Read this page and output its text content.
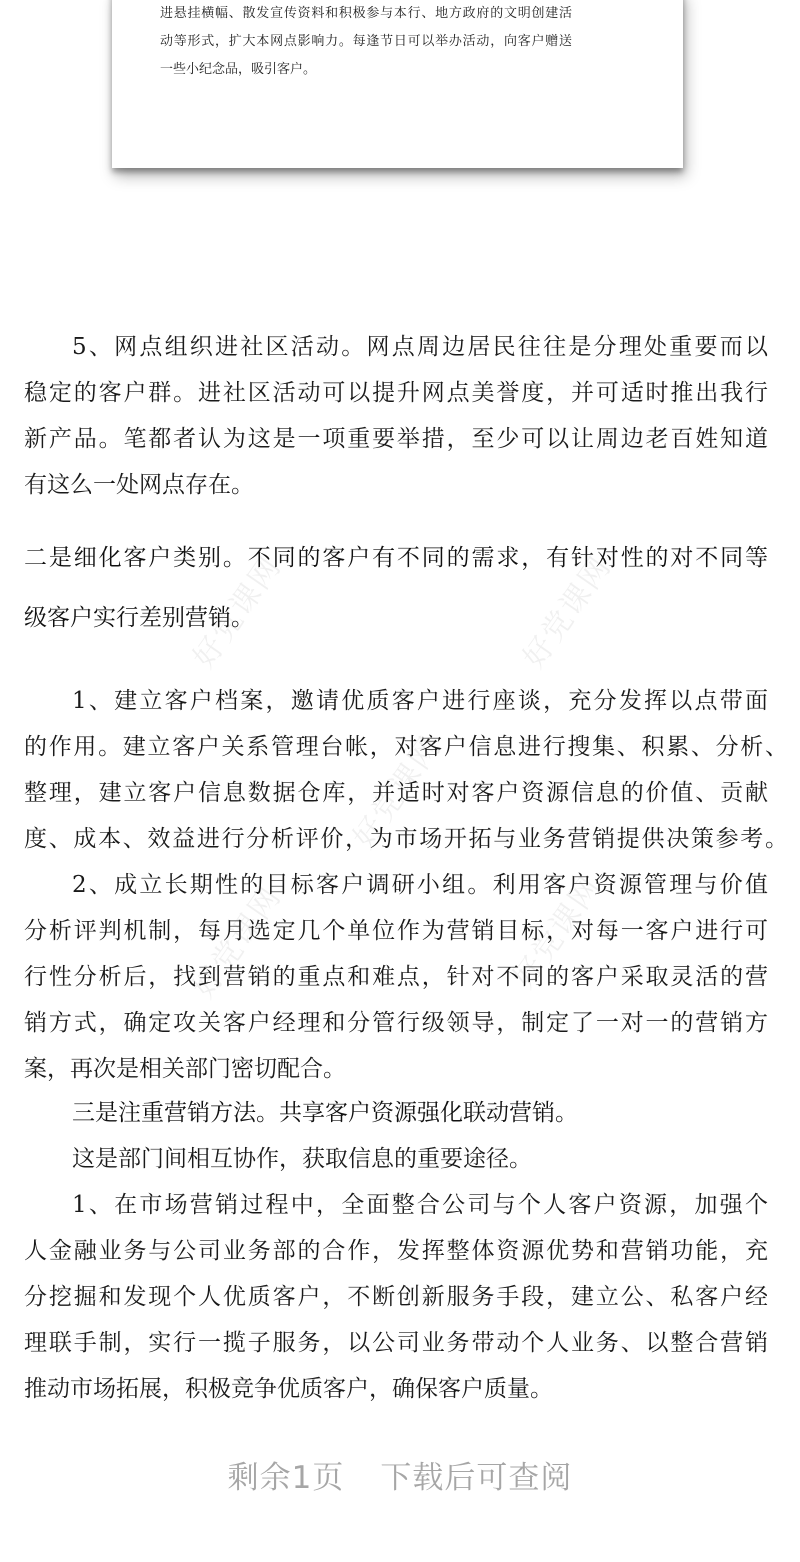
进悬挂横幅、散发宣传资料和积极参与本行、地方政府的文明创建活
动等形式，扩大本网点影响力。每逢节日可以举办活动，向客户赠送
一些小纪念品，吸引客户。
好党课网	好党课网
好党课网
好党课网	好党课网
5、网点组织进社区活动。网点周边居民往往是分理处重要而以
稳定的客户群。进社区活动可以提升网点美誉度，并可适时推出我行
新产品。笔都者认为这是一项重要举措，至少可以让周边老百姓知道
有这么一处网点存在。
二是细化客户类别。不同的客户有不同的需求，有针对性的对不同等
级客户实行差别营销。
1、建立客户档案，邀请优质客户进行座谈，充分发挥以点带面
的作用。建立客户关系管理台帐，对客户信息进行搜集、积累、分析、
整理，建立客户信息数据仓库，并适时对客户资源信息的价值、贡献
度、成本、效益进行分析评价，为市场开拓与业务营销提供决策参考。
2、成立长期性的目标客户调研小组。利用客户资源管理与价值
分析评判机制，每月选定几个单位作为营销目标，对每一客户进行可
行性分析后，找到营销的重点和难点，针对不同的客户采取灵活的营
销方式，确定攻关客户经理和分管行级领导，制定了一对一的营销方
案，再次是相关部门密切配合。
三是注重营销方法。共享客户资源强化联动营销。
这是部门间相互协作，获取信息的重要途径。
1、在市场营销过程中，全面整合公司与个人客户资源，加强个
人金融业务与公司业务部的合作，发挥整体资源优势和营销功能，充
分挖掘和发现个人优质客户，不断创新服务手段，建立公、私客户经
理联手制，实行一揽子服务，以公司业务带动个人业务、以整合营销
推动市场拓展，积极竞争优质客户，确保客户质量。
剩余1页 下载后可查阅
